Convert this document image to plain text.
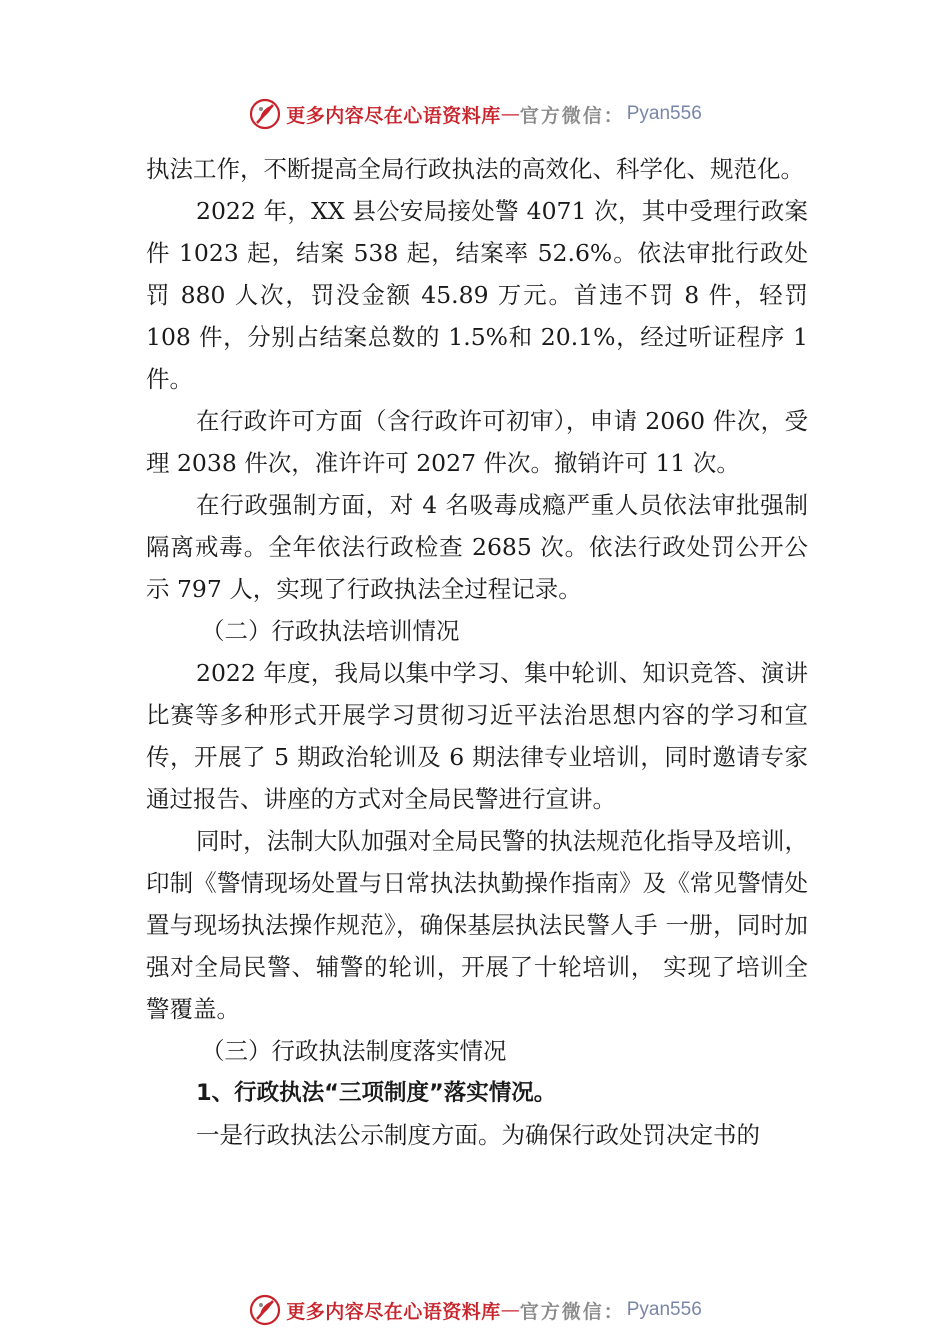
更多内容尽在心语资料库 — 官方微信： Pyan556

执法工作，不断提高全局行政执法的高效化、科学化、规范化。

2022 年，XX 县公安局接处警 4071 次，其中受理行政案件 1023 起，结案 538 起，结案率 52.6%。依法审批行政处罚 880 人次，罚没金额 45.89 万元。首违不罚 8 件，轻罚 108 件，分别占结案总数的 1.5%和 20.1%，经过听证程序 1 件。

在行政许可方面（含行政许可初审），申请 2060 件次，受理 2038 件次，准许许可 2027 件次。撤销许可 11 次。

在行政强制方面，对 4 名吸毒成瘾严重人员依法审批强制隔离戒毒。全年依法行政检查 2685 次。依法行政处罚公开公示 797 人，实现了行政执法全过程记录。

（二）行政执法培训情况

2022 年度，我局以集中学习、集中轮训、知识竞答、演讲比赛等多种形式开展学习贯彻习近平法治思想内容的学习和宣传，开展了 5 期政治轮训及 6 期法律专业培训，同时邀请专家通过报告、讲座的方式对全局民警进行宣讲。

同时，法制大队加强对全局民警的执法规范化指导及培训，印制《警情现场处置与日常执法执勤操作指南》及《常见警情处置与现场执法操作规范》，确保基层执法民警人手 一册，同时加强对全局民警、辅警的轮训，开展了十轮培训， 实现了培训全警覆盖。

（三）行政执法制度落实情况

1、行政执法“三项制度”落实情况。

一是行政执法公示制度方面。为确保行政处罚决定书的

更多内容尽在心语资料库 — 官方微信： Pyan556
